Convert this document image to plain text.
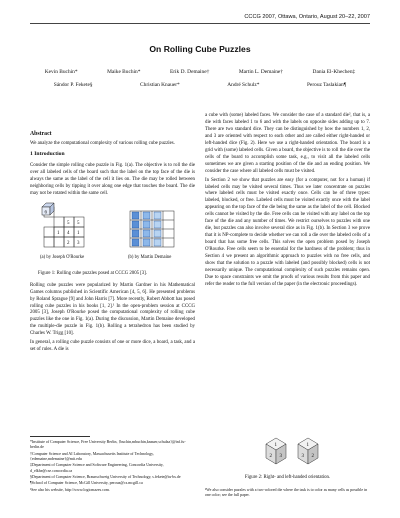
CCCG 2007, Ottawa, Ontario, August 20–22, 2007
On Rolling Cube Puzzles
Kevin Buchin*	Maike Buchin*	Erik D. Demaine†	Martin L. Demaine†	Dania El-Khechen‡
Sándor P. Fekete§	Christian Knauer*	André Schulz*	Perouz Taslakian¶
Abstract

We analyze the computational complexity of various rolling cube puzzles.

1 Introduction

Consider the simple rolling cube puzzle in Fig. 1(a). The objective is to roll the die over all labeled cells of the board such that the label on the top face of the die is always the same as the label of the cell it lies on. The die may be rolled between neighboring cells by tipping it over along one edge that touches the board. The die may not be rotated within the same cell.

6
5 5
1 4 1
2 3
(a) by Joseph O'Rourke	(b) by Martin Demaine
Figure 1: Rolling cube puzzles posed at CCCG 2005 [3].

Rolling cube puzzles were popularized by Martin Gardner in his Mathematical Games columns published in Scientific American [4, 5, 6]. He presented problems by Roland Sprague [9] and John Harris [7]. More recently, Robert Abbott has posed rolling cube puzzles in his books [1, 2].¹ In the open-problem session at CCCG 2005 [3], Joseph O'Rourke posed the computational complexity of rolling cube puzzles like the one in Fig. 1(a). During the discussion, Martin Demaine developed the multiple-die puzzle in Fig. 1(b). Rolling a tetrahedron has been studied by Charles W. Trigg [10].

In general, a rolling cube puzzle consists of one or more dice, a board, a task, and a set of rules. A die is

*Institute of Computer Science, Free University Berlin, {buchin,mbuchin,knauer,schulza}@inf.fu-berlin.de
†Computer Science and AI Laboratory, Massachusetts Institute of Technology, {edemaine,mdemaine}@mit.edu
‡Department of Computer Science and Software Engineering, Concordia University, d_elkhe@cse.concordia.ca
§Department of Computer Science, Braunschweig University of Technology, s.fekete@tu-bs.de
¶School of Computer Science, McGill University, perouz@cs.mcgill.ca
¹See also his website, http://www.logicmazes.com.

a cube with (some) labeled faces. We consider the case of a standard die², that is, a die with faces labeled 1 to 6 and with the labels on opposite sides adding up to 7. There are two standard dice. They can be distinguished by how the numbers 1, 2, and 3 are oriented with respect to each other and are called either right-handed or left-handed dice (Fig. 2). Here we use a right-handed orientation. The board is a grid with (some) labeled cells. Given a board, the objective is to roll the die over the cells of the board to accomplish some task, e.g., to visit all the labeled cells sometimes we are given a starting position of the die and an ending position. We consider the case where all labeled cells must be visited.

In Section 2 we show that puzzles are easy (for a computer, not for a human) if labeled cells may be visited several times. Thus we later concentrate on puzzles where labeled cells must be visited exactly once. Cells can be of three types: labeled, blocked, or free. Labeled cells must be visited exactly once with the label appearing on the top face of the die being the same as the label of the cell. Blocked cells cannot be visited by the die. Free cells can be visited with any label on the top face of the die and any number of times. We restrict ourselves to puzzles with one die, but puzzles can also involve several dice as in Fig. 1(b). In Section 3 we prove that it is NP-complete to decide whether we can roll a die over the labeled cells of a board that has some free cells. This solves the open problem posed by Joseph O'Rourke. Free cells seem to be essential for the hardness of the problem; thus in Section 4 we present an algorithmic approach to puzzles with no free cells, and show that the solution to a puzzle with labeled (and possibly blocked) cells is not necessarily unique. The computational complexity of such puzzles remains open. Due to space constraints we omit the proofs of various results from this paper and refer the reader to the full version of the paper (in the electronic proceedings).

1
2 3
1
3 2
Figure 2: Right- and left-handed orientation.
²We also consider puzzles with a two-colored die where the task is to color as many cells as possible in one color; see the full paper.
